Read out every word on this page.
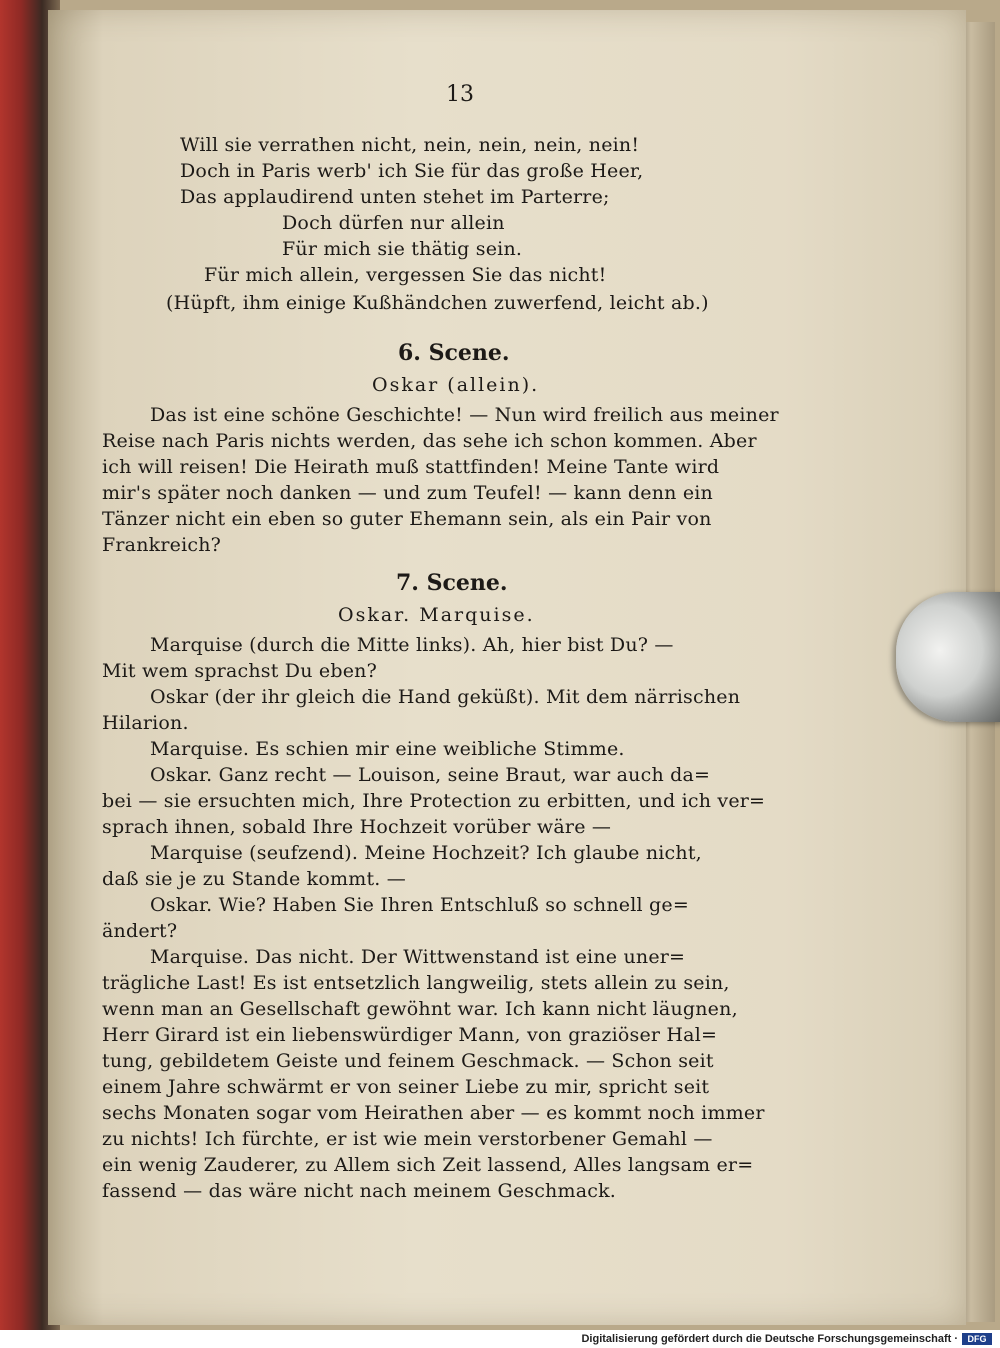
13
Will sie verrathen nicht, nein, nein, nein, nein!
Doch in Paris werb' ich Sie für das große Heer,
Das applaudirend unten stehet im Parterre;
Doch dürfen nur allein
Für mich sie thätig sein.
Für mich allein, vergessen Sie das nicht!
(Hüpft, ihm einige Kußhändchen zuwerfend, leicht ab.)
6. Scene.
Oskar (allein).
Das ist eine schöne Geschichte! — Nun wird freilich aus meiner
Reise nach Paris nichts werden, das sehe ich schon kommen. Aber
ich will reisen! Die Heirath muß stattfinden! Meine Tante wird
mir's später noch danken — und zum Teufel! — kann denn ein
Tänzer nicht ein eben so guter Ehemann sein, als ein Pair von
Frankreich?
7. Scene.
Oskar. Marquise.
Marquise (durch die Mitte links). Ah, hier bist Du? —
Mit wem sprachst Du eben?
Oskar (der ihr gleich die Hand geküßt). Mit dem närrischen
Hilarion.
Marquise. Es schien mir eine weibliche Stimme.
Oskar. Ganz recht — Louison, seine Braut, war auch da=
bei — sie ersuchten mich, Ihre Protection zu erbitten, und ich ver=
sprach ihnen, sobald Ihre Hochzeit vorüber wäre —
Marquise (seufzend). Meine Hochzeit? Ich glaube nicht,
daß sie je zu Stande kommt. —
Oskar. Wie? Haben Sie Ihren Entschluß so schnell ge=
ändert?
Marquise. Das nicht. Der Wittwenstand ist eine uner=
trägliche Last! Es ist entsetzlich langweilig, stets allein zu sein,
wenn man an Gesellschaft gewöhnt war. Ich kann nicht läugnen,
Herr Girard ist ein liebenswürdiger Mann, von graziöser Hal=
tung, gebildetem Geiste und feinem Geschmack. — Schon seit
einem Jahre schwärmt er von seiner Liebe zu mir, spricht seit
sechs Monaten sogar vom Heirathen aber — es kommt noch immer
zu nichts! Ich fürchte, er ist wie mein verstorbener Gemahl —
ein wenig Zauderer, zu Allem sich Zeit lassend, Alles langsam er=
fassend — das wäre nicht nach meinem Geschmack.
Digitalisierung gefördert durch die Deutsche Forschungsgemeinschaft ·	DFG
